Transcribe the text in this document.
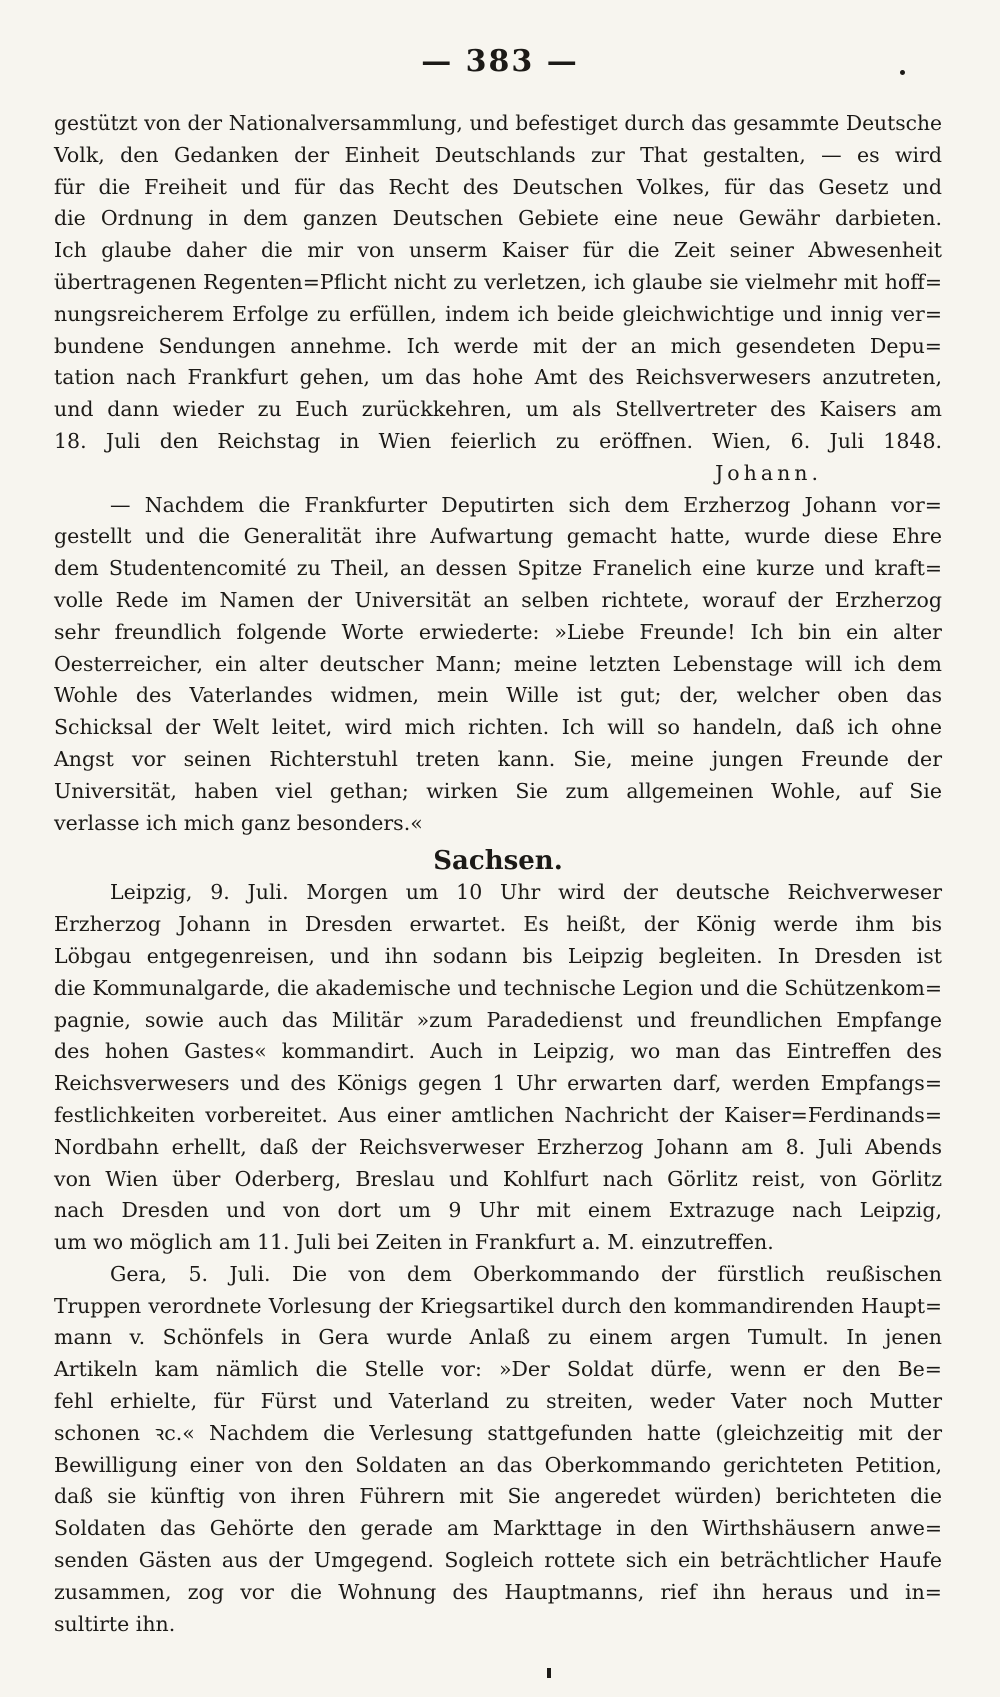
— 383 —
gestützt von der Nationalversammlung, und befestiget durch das gesammte Deutsche
Volk, den Gedanken der Einheit Deutschlands zur That gestalten, — es wird
für die Freiheit und für das Recht des Deutschen Volkes, für das Gesetz und
die Ordnung in dem ganzen Deutschen Gebiete eine neue Gewähr darbieten.
Ich glaube daher die mir von unserm Kaiser für die Zeit seiner Abwesenheit
übertragenen Regenten=Pflicht nicht zu verletzen, ich glaube sie vielmehr mit hoff=
nungsreicherem Erfolge zu erfüllen, indem ich beide gleichwichtige und innig ver=
bundene Sendungen annehme. Ich werde mit der an mich gesendeten Depu=
tation nach Frankfurt gehen, um das hohe Amt des Reichsverwesers anzutreten,
und dann wieder zu Euch zurückkehren, um als Stellvertreter des Kaisers am
18. Juli den Reichstag in Wien feierlich zu eröffnen. Wien, 6. Juli 1848.
Johann.
— Nachdem die Frankfurter Deputirten sich dem Erzherzog Johann vor=
gestellt und die Generalität ihre Aufwartung gemacht hatte, wurde diese Ehre
dem Studentencomité zu Theil, an dessen Spitze Franelich eine kurze und kraft=
volle Rede im Namen der Universität an selben richtete, worauf der Erzherzog
sehr freundlich folgende Worte erwiederte: »Liebe Freunde! Ich bin ein alter
Oesterreicher, ein alter deutscher Mann; meine letzten Lebenstage will ich dem
Wohle des Vaterlandes widmen, mein Wille ist gut; der, welcher oben das
Schicksal der Welt leitet, wird mich richten. Ich will so handeln, daß ich ohne
Angst vor seinen Richterstuhl treten kann. Sie, meine jungen Freunde der
Universität, haben viel gethan; wirken Sie zum allgemeinen Wohle, auf Sie
verlasse ich mich ganz besonders.«
Sachsen.
Leipzig, 9. Juli. Morgen um 10 Uhr wird der deutsche Reichverweser
Erzherzog Johann in Dresden erwartet. Es heißt, der König werde ihm bis
Löbgau entgegenreisen, und ihn sodann bis Leipzig begleiten. In Dresden ist
die Kommunalgarde, die akademische und technische Legion und die Schützenkom=
pagnie, sowie auch das Militär »zum Paradedienst und freundlichen Empfange
des hohen Gastes« kommandirt. Auch in Leipzig, wo man das Eintreffen des
Reichsverwesers und des Königs gegen 1 Uhr erwarten darf, werden Empfangs=
festlichkeiten vorbereitet. Aus einer amtlichen Nachricht der Kaiser=Ferdinands=
Nordbahn erhellt, daß der Reichsverweser Erzherzog Johann am 8. Juli Abends
von Wien über Oderberg, Breslau und Kohlfurt nach Görlitz reist, von Görlitz
nach Dresden und von dort um 9 Uhr mit einem Extrazuge nach Leipzig,
um wo möglich am 11. Juli bei Zeiten in Frankfurt a. M. einzutreffen.
Gera, 5. Juli. Die von dem Oberkommando der fürstlich reußischen
Truppen verordnete Vorlesung der Kriegsartikel durch den kommandirenden Haupt=
mann v. Schönfels in Gera wurde Anlaß zu einem argen Tumult. In jenen
Artikeln kam nämlich die Stelle vor: »Der Soldat dürfe, wenn er den Be=
fehl erhielte, für Fürst und Vaterland zu streiten, weder Vater noch Mutter
schonen ꝛc.« Nachdem die Verlesung stattgefunden hatte (gleichzeitig mit der
Bewilligung einer von den Soldaten an das Oberkommando gerichteten Petition,
daß sie künftig von ihren Führern mit Sie angeredet würden) berichteten die
Soldaten das Gehörte den gerade am Markttage in den Wirthshäusern anwe=
senden Gästen aus der Umgegend. Sogleich rottete sich ein beträchtlicher Haufe
zusammen, zog vor die Wohnung des Hauptmanns, rief ihn heraus und in=
sultirte ihn.
